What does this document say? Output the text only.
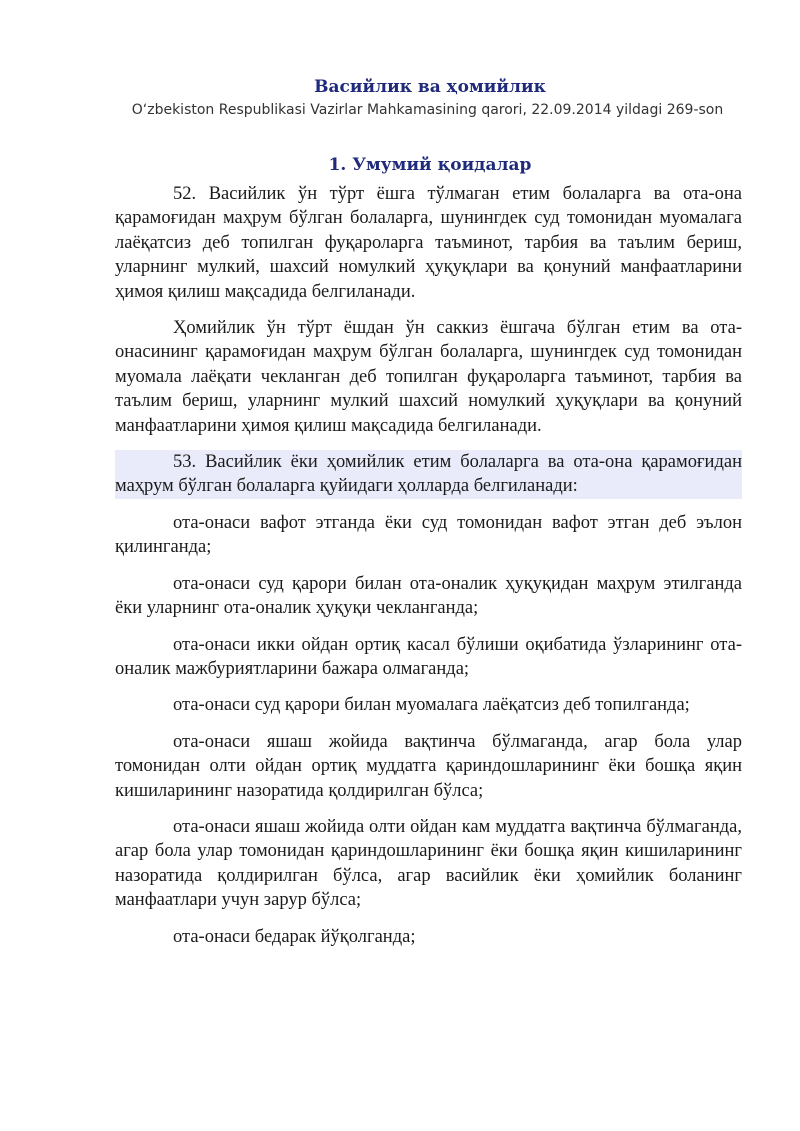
Васийлик ва ҳомийлик

O‘zbekiston Respublikasi Vazirlar Mahkamasining qarori, 22.09.2014 yildagi 269-son

1. Умумий қоидалар

52. Васийлик ўн тўрт ёшга тўлмаган етим болаларга ва ота-она қарамоғидан маҳрум бўлган болаларга, шунингдек суд томонидан муомалага лаёқатсиз деб топилган фуқароларга таъминот, тарбия ва таълим бериш, уларнинг мулкий, шахсий номулкий ҳуқуқлари ва қонуний манфаатларини ҳимоя қилиш мақсадида белгиланади.

Ҳомийлик ўн тўрт ёшдан ўн саккиз ёшгача бўлган етим ва ота-онасининг қарамоғидан маҳрум бўлган болаларга, шунингдек суд томонидан муомала лаёқати чекланган деб топилган фуқароларга таъминот, тарбия ва таълим бериш, уларнинг мулкий шахсий номулкий ҳуқуқлари ва қонуний манфаатларини ҳимоя қилиш мақсадида белгиланади.

53. Васийлик ёки ҳомийлик етим болаларга ва ота-она қарамоғидан маҳрум бўлган болаларга қуйидаги ҳолларда белгиланади:

ота-онаси вафот этганда ёки суд томонидан вафот этган деб эълон қилинганда;

ота-онаси суд қарори билан ота-оналик ҳуқуқидан маҳрум этилганда ёки уларнинг ота-оналик ҳуқуқи чекланганда;

ота-онаси икки ойдан ортиқ касал бўлиши оқибатида ўзларининг ота-оналик мажбуриятларини бажара олмаганда;

ота-онаси суд қарори билан муомалага лаёқатсиз деб топилганда;

ота-онаси яшаш жойида вақтинча бўлмаганда, агар бола улар томонидан олти ойдан ортиқ муддатга қариндошларининг ёки бошқа яқин кишиларининг назоратида қолдирилган бўлса;

ота-онаси яшаш жойида олти ойдан кам муддатга вақтинча бўлмаганда, агар бола улар томонидан қариндошларининг ёки бошқа яқин кишиларининг назоратида қолдирилган бўлса, агар васийлик ёки ҳомийлик боланинг манфаатлари учун зарур бўлса;

ота-онаси бедарак йўқолганда;
